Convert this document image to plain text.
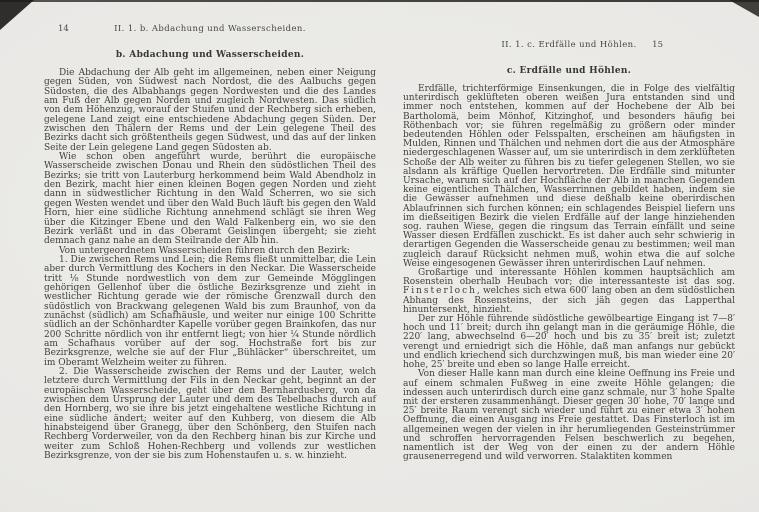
14	II. 1. b. Abdachung und Wasserscheiden.
b. Abdachung und Wasserscheiden.

Die Abdachung der Alb geht im allgemeinen, neben einer Neigung gegen Süden, von Südwest nach Nordost, die des Aalbuchs gegen Südosten, die des Albabhangs gegen Nordwesten und die des Landes am Fuß der Alb gegen Norden und zugleich Nordwesten. Das südlich von dem Höhenzug, worauf der Stuifen und der Rechberg sich erheben, gelegene Land zeigt eine entschiedene Abdachung gegen Süden. Der zwischen den Thälern der Rems und der Lein gelegene Theil des Bezirks dacht sich größtentheils gegen Südwest, und das auf der linken Seite der Lein gelegene Land gegen Südosten ab.

Wie schon oben angeführt wurde, berührt die europäische Wasserscheide zwischen Donau und Rhein den südöstlichen Theil des Bezirks; sie tritt von Lauterburg herkommend beim Wald Abendholz in den Bezirk, macht hier einen kleinen Bogen gegen Norden und zieht dann in südwestlicher Richtung in den Wald Scherren, wo sie sich gegen Westen wendet und über den Wald Buch läuft bis gegen den Wald Horn, hier eine südliche Richtung annehmend schlägt sie ihren Weg über die Kitzinger Ebene und den Wald Falkenberg ein, wo sie den Bezirk verläßt und in das Oberamt Geislingen übergeht; sie zieht demnach ganz nahe an dem Steilrande der Alb hin.

Von untergeordneten Wasserscheiden führen durch den Bezirk:

1. Die zwischen Rems und Lein; die Rems fließt unmittelbar, die Lein aber durch Vermittlung des Kochers in den Neckar. Die Wasserscheide tritt ⅛ Stunde nordwestlich von dem zur Gemeinde Mögglingen gehörigen Gellenhof über die östliche Bezirksgrenze und zieht in westlicher Richtung gerade wie der römische Grenzwall durch den südöstlich von Brackwang gelegenen Wald bis zum Braunhof, von da zunächst (südlich) am Schafhäusle, und weiter nur einige 100 Schritte südlich an der Schönhardter Kapelle vorüber gegen Brainkofen, das nur 200 Schritte nördlich von ihr entfernt liegt; von hier ¼ Stunde nördlich am Schafhaus vorüber auf der sog. Hochstraße fort bis zur Bezirksgrenze, welche sie auf der Flur „Bühläcker“ überschreitet, um im Oberamt Welzheim weiter zu führen.

2. Die Wasserscheide zwischen der Rems und der Lauter, welch letztere durch Vermittlung der Fils in den Neckar geht, beginnt an der europäischen Wasserscheide, geht über den Bernhardusberg, von da zwischen dem Ursprung der Lauter und dem des Tebelbachs durch auf den Hornberg, wo sie ihre bis jetzt eingehaltene westliche Richtung in eine südliche ändert; weiter auf den Kuhberg, von diesem die Alb hinabsteigend über Granegg, über den Schönberg, den Stuifen nach Rechberg Vorderweiler, von da den Rechberg hinan bis zur Kirche und weiter zum Schloß Hohen-Rechberg und vollends zur westlichen Bezirksgrenze, von der sie bis zum Hohenstaufen u. s. w. hinzieht.

II. 1. c. Erdfälle und Höhlen.	15
c. Erdfälle und Höhlen.

Erdfälle, trichterförmige Einsenkungen, die in Folge des vielfältig unterirdisch geklüfteten oberen weißen Jura entstanden sind und immer noch entstehen, kommen auf der Hochebene der Alb bei Bartholomä, beim Mönhof, Kitzinghof, und besonders häufig bei Röthenbach vor; sie führen regelmäßig zu größern oder minder bedeutenden Höhlen oder Felsspalten, erscheinen am häufigsten in Mulden, Rinnen und Thälchen und nehmen dort die aus der Atmosphäre niedergeschlagenen Wasser auf, um sie unterirdisch in dem zerklüfteten Schoße der Alb weiter zu führen bis zu tiefer gelegenen Stellen, wo sie alsdann als kräftige Quellen hervortreten. Die Erdfälle sind mitunter Ursache, warum sich auf der Hochfläche der Alb in manchen Gegenden keine eigentlichen Thälchen, Wasserrinnen gebildet haben, indem sie die Gewässer aufnehmen und diese deßhalb keine oberirdischen Ablaufrinnen sich furchen können; ein schlagendes Beispiel liefern uns im dießseitigen Bezirk die vielen Erdfälle auf der lange hinziehenden sog. rauhen Wiese, gegen die ringsum das Terrain einfällt und seine Wasser diesen Erdfällen zuschickt. Es ist daher auch sehr schwierig in derartigen Gegenden die Wasserscheide genau zu bestimmen; weil man zugleich darauf Rücksicht nehmen muß, wohin etwa die auf solche Weise eingesogenen Gewässer ihren unterirdischen Lauf nehmen.

Großartige und interessante Höhlen kommen hauptsächlich am Rosenstein oberhalb Heubach vor; die interessanteste ist das sog. Finsterloch, welches sich etwa 600′ lang oben an dem südöstlichen Abhang des Rosensteins, der sich jäh gegen das Lapperthal hinuntersenkt, hinzieht.

Der zur Höhle führende südöstliche gewölbeartige Eingang ist 7—8′ hoch und 11′ breit; durch ihn gelangt man in die geräumige Höhle, die 220′ lang, abwechselnd 6—20′ hoch und bis zu 35′ breit ist; zuletzt verengt und erniedrigt sich die Höhle, daß man anfangs nur gebückt und endlich kriechend sich durchzwingen muß, bis man wieder eine 20′ hohe, 25′ breite und eben so lange Halle erreicht.

Von dieser Halle kann man durch eine kleine Oeffnung ins Freie und auf einem schmalen Fußweg in eine zweite Höhle gelangen; die indessen auch unterirdisch durch eine ganz schmale, nur 3′ hohe Spalte mit der ersteren zusammenhängt. Dieser gegen 30′ hohe, 70′ lange und 25′ breite Raum verengt sich wieder und führt zu einer etwa 3′ hohen Oeffnung, die einen Ausgang ins Freie gestattet. Das Finsterloch ist im allgemeinen wegen der vielen in ihr herumliegenden Gesteinstrümmer und schroffen hervorragenden Felsen beschwerlich zu begehen, namentlich ist der Weg von der einen zu der andern Höhle grausenerregend und wild verworren. Stalaktiten kommen
